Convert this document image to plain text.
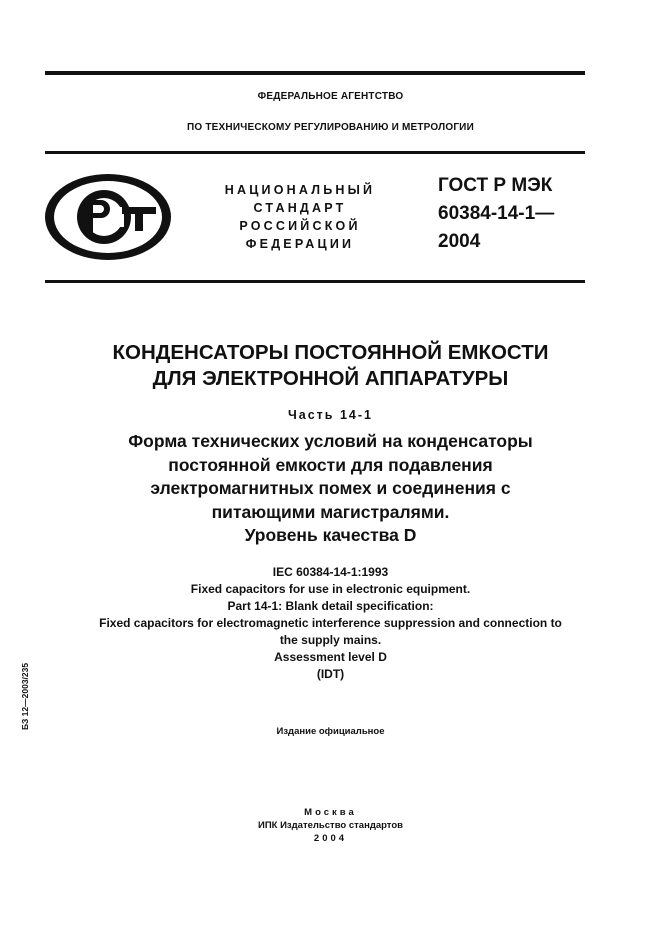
ФЕДЕРАЛЬНОЕ АГЕНТСТВО
ПО ТЕХНИЧЕСКОМУ РЕГУЛИРОВАНИЮ И МЕТРОЛОГИИ
НАЦИОНАЛЬНЫЙ
СТАНДАРТ
РОССИЙСКОЙ
ФЕДЕРАЦИИ
ГОСТ Р МЭК
60384-14-1—
2004
КОНДЕНСАТОРЫ ПОСТОЯННОЙ ЕМКОСТИ
ДЛЯ ЭЛЕКТРОННОЙ АППАРАТУРЫ
Часть 14-1
Форма технических условий на конденсаторы
постоянной емкости для подавления
электромагнитных помех и соединения с
питающими магистралями.
Уровень качества D
IEC 60384-14-1:1993
Fixed capacitors for use in electronic equipment.
Part 14-1: Blank detail specification:
Fixed capacitors for electromagnetic interference suppression and connection to
the supply mains.
Assessment level D
(IDT)
Издание официальное
БЗ 12—2003/235
Москва
ИПК Издательство стандартов
2004
